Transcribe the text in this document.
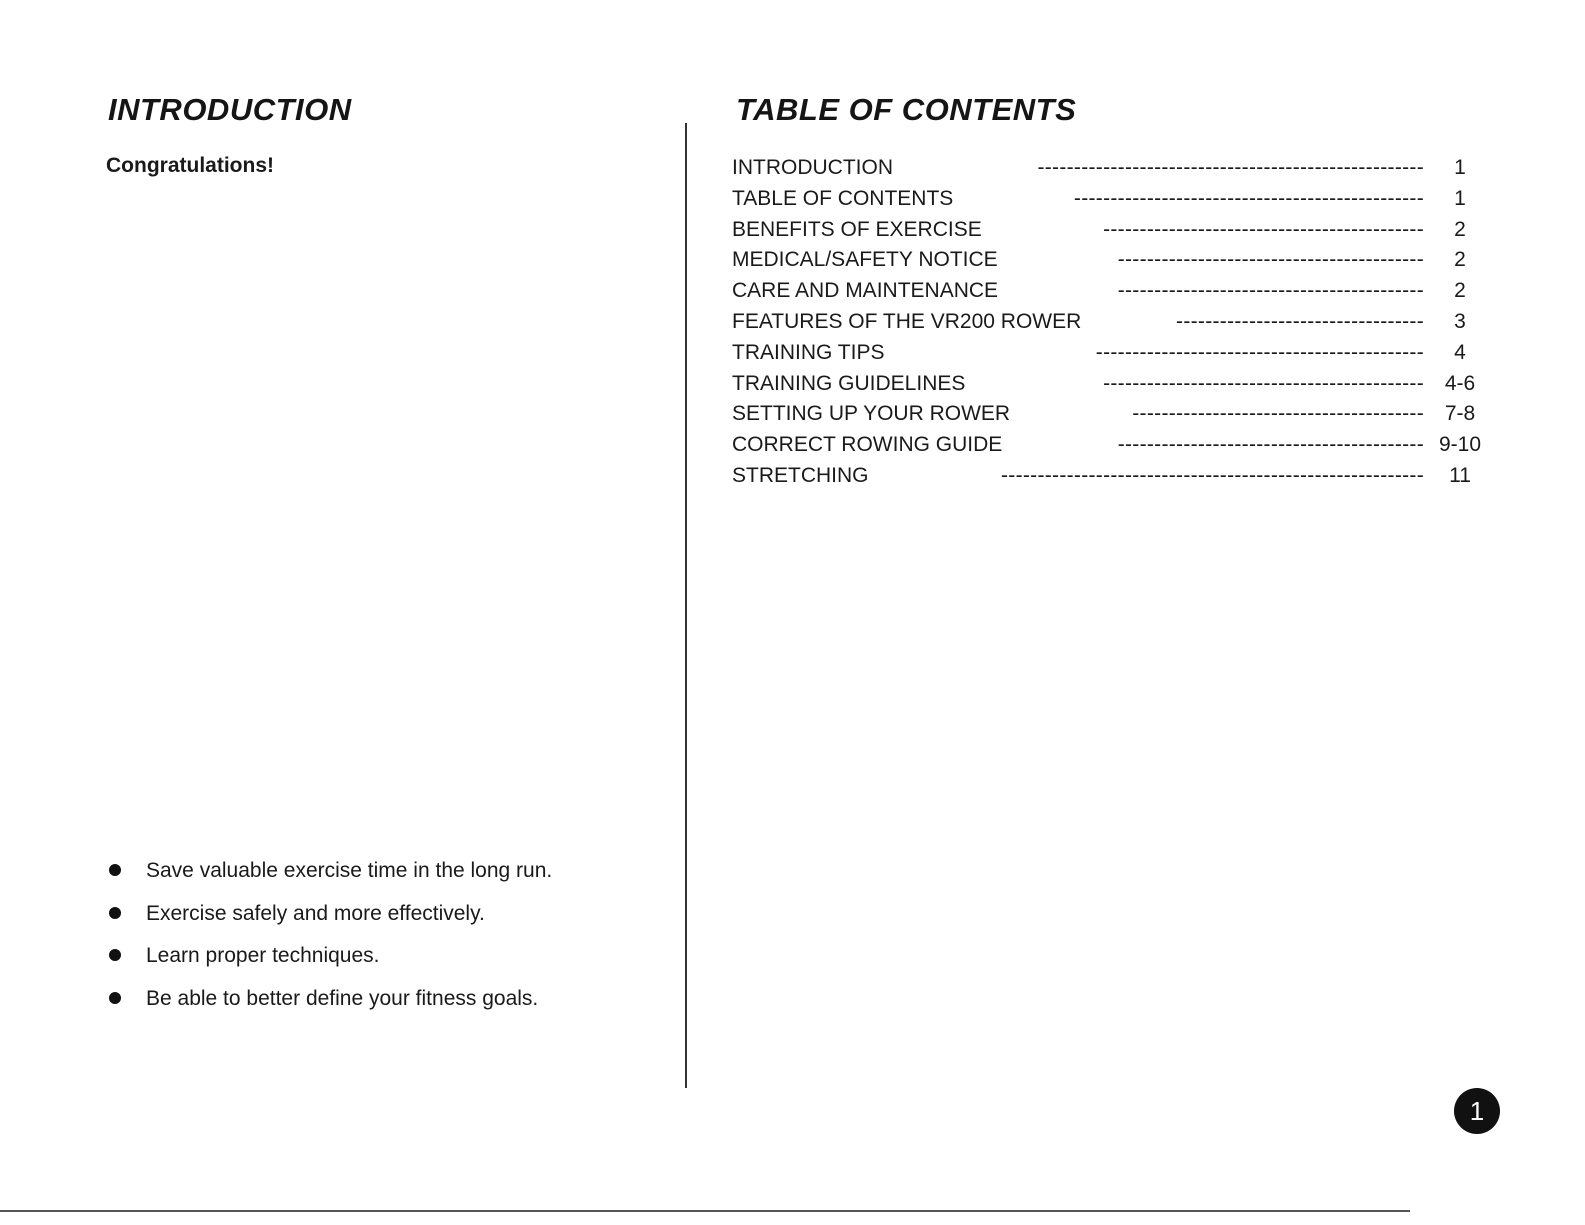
INTRODUCTION
Congratulations!
Save valuable exercise time in the long run.
Exercise safely and more effectively.
Learn proper techniques.
Be able to better define your fitness goals.
TABLE OF CONTENTS
INTRODUCTION	-----------------------------------------------------	1
TABLE OF CONTENTS	------------------------------------------------	1
BENEFITS OF EXERCISE	--------------------------------------------	2
MEDICAL/SAFETY NOTICE	------------------------------------------	2
CARE AND MAINTENANCE	------------------------------------------	2
FEATURES OF THE VR200 ROWER	----------------------------------	3
TRAINING TIPS	---------------------------------------------	4
TRAINING GUIDELINES	-------------------------------------------- 4-6
SETTING UP YOUR ROWER	---------------------------------------- 7-8
CORRECT ROWING GUIDE	------------------------------------------ 9-10
STRETCHING	----------------------------------------------------------	11
1
